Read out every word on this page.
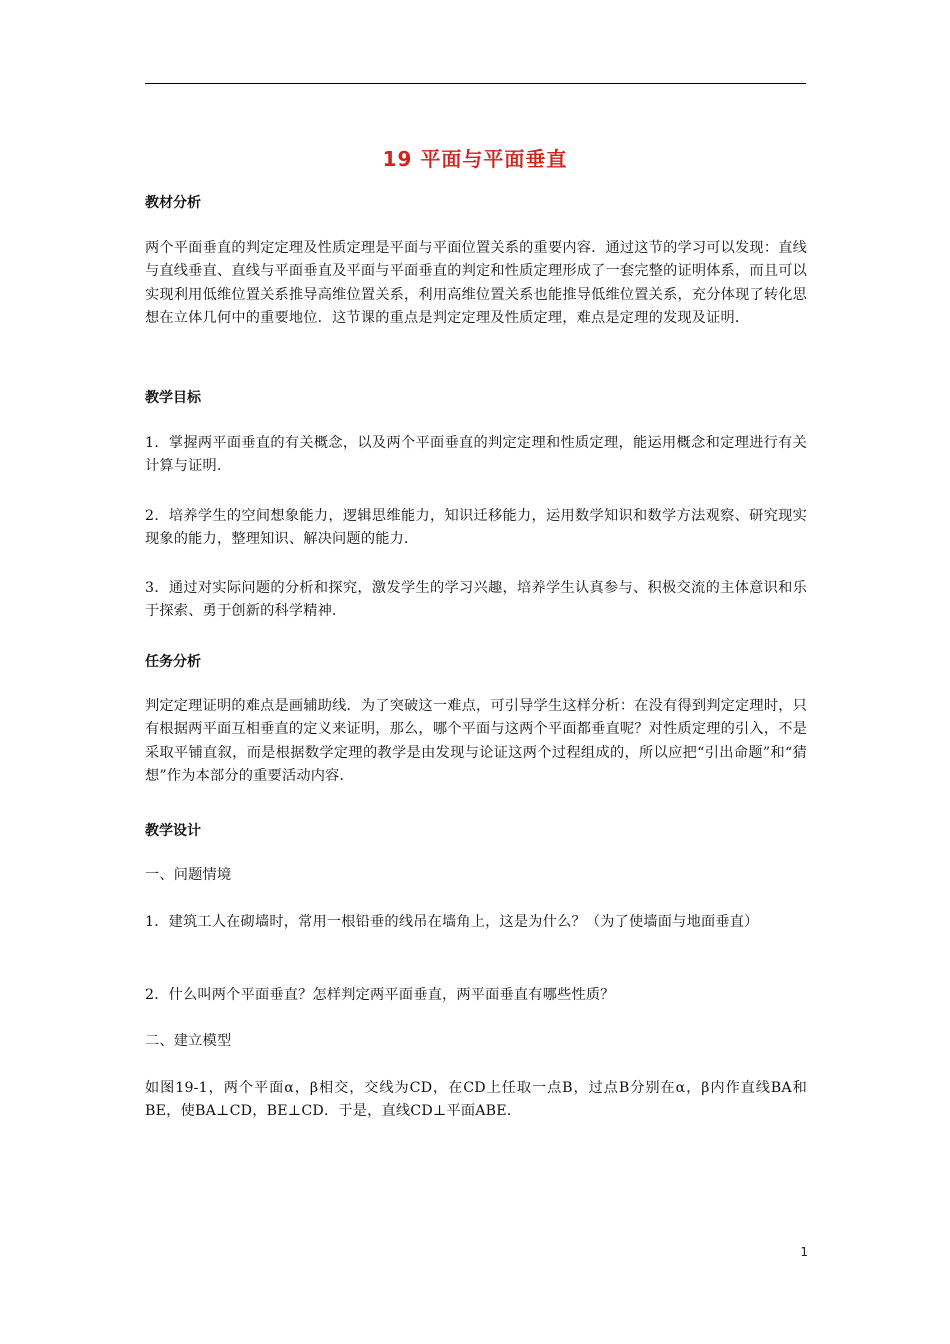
19 平面与平面垂直
教材分析

两个平面垂直的判定定理及性质定理是平面与平面位置关系的重要内容．通过这节的学习可以发现：直线与直线垂直、直线与平面垂直及平面与平面垂直的判定和性质定理形成了一套完整的证明体系，而且可以实现利用低维位置关系推导高维位置关系，利用高维位置关系也能推导低维位置关系，充分体现了转化思想在立体几何中的重要地位．这节课的重点是判定定理及性质定理，难点是定理的发现及证明．

教学目标

1．掌握两平面垂直的有关概念，以及两个平面垂直的判定定理和性质定理，能运用概念和定理进行有关计算与证明．

2．培养学生的空间想象能力，逻辑思维能力，知识迁移能力，运用数学知识和数学方法观察、研究现实现象的能力，整理知识、解决问题的能力．

3．通过对实际问题的分析和探究，激发学生的学习兴趣，培养学生认真参与、积极交流的主体意识和乐于探索、勇于创新的科学精神．

任务分析

判定定理证明的难点是画辅助线．为了突破这一难点，可引导学生这样分析：在没有得到判定定理时，只有根据两平面互相垂直的定义来证明，那么，哪个平面与这两个平面都垂直呢？对性质定理的引入，不是采取平铺直叙，而是根据数学定理的教学是由发现与论证这两个过程组成的，所以应把“引出命题”和“猜想”作为本部分的重要活动内容．

教学设计

一、问题情境

1．建筑工人在砌墙时，常用一根铅垂的线吊在墙角上，这是为什么？（为了使墙面与地面垂直）

2．什么叫两个平面垂直？怎样判定两平面垂直，两平面垂直有哪些性质？

二、建立模型

如图19-1，两个平面α，β相交，交线为CD，在CD上任取一点B，过点B分别在α，β内作直线BA和BE，使BA⊥CD，BE⊥CD．于是，直线CD⊥平面ABE．

1
